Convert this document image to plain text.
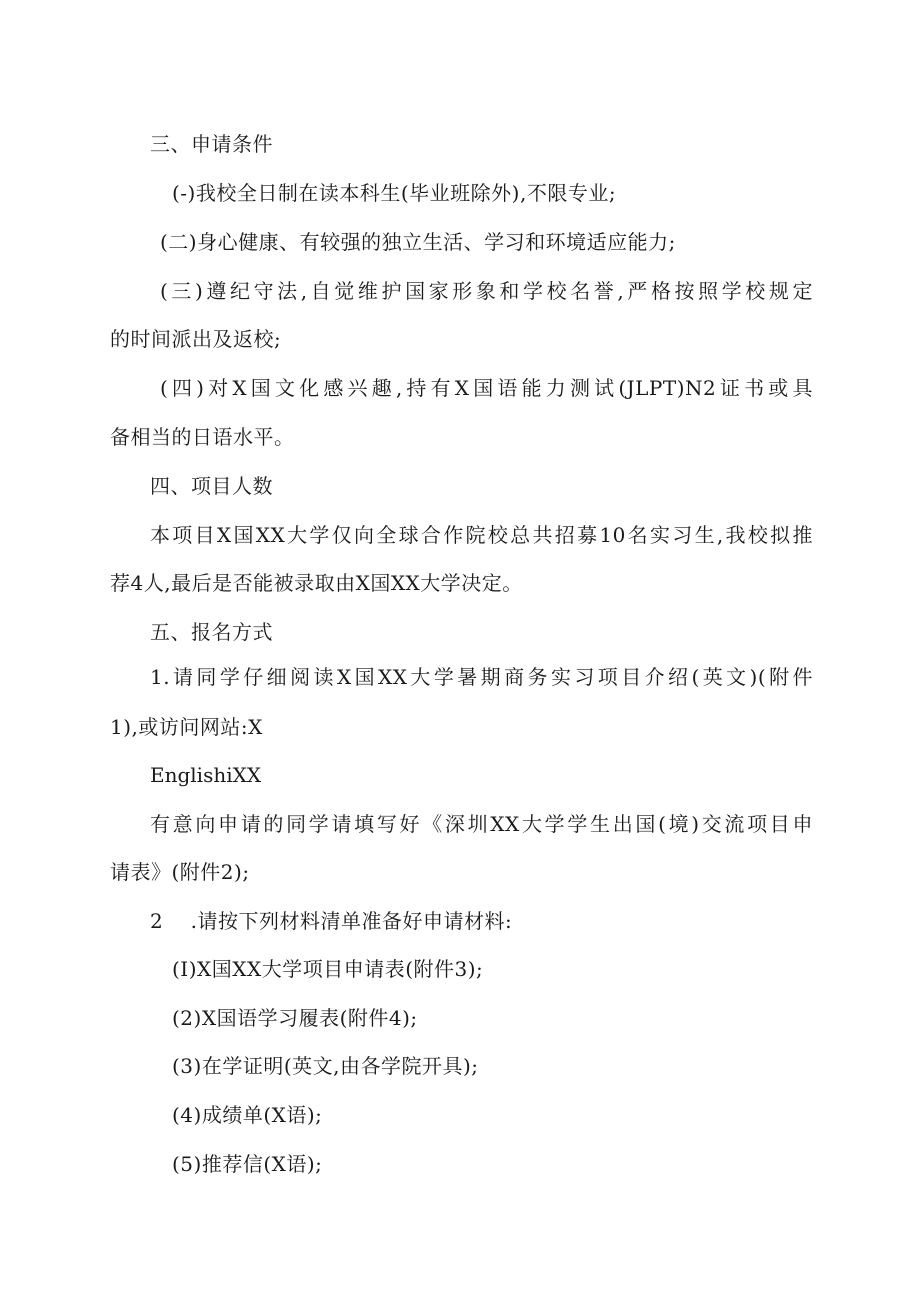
三、申请条件
(-)我校全日制在读本科生(毕业班除外),不限专业;
(二)身心健康、有较强的独立生活、学习和环境适应能力;
(三)遵纪守法,自觉维护国家形象和学校名誉,严格按照学校规定
的时间派出及返校;
(四)对X国文化感兴趣,持有X国语能力测试(JLPT)N2证书或具
备相当的日语水平。
四、项目人数
本项目X国XX大学仅向全球合作院校总共招募10名实习生,我校拟推
荐4人,最后是否能被录取由X国XX大学决定。
五、报名方式
1.请同学仔细阅读X国XX大学暑期商务实习项目介绍(英文)(附件
1),或访问网站:X
EnglishiXX
有意向申请的同学请填写好《深圳XX大学学生出国(境)交流项目申
请表》(附件2);
2    .请按下列材料清单准备好申请材料:
(I)X国XX大学项目申请表(附件3);
(2)X国语学习履表(附件4);
(3)在学证明(英文,由各学院开具);
(4)成绩单(X语);
(5)推荐信(X语);
